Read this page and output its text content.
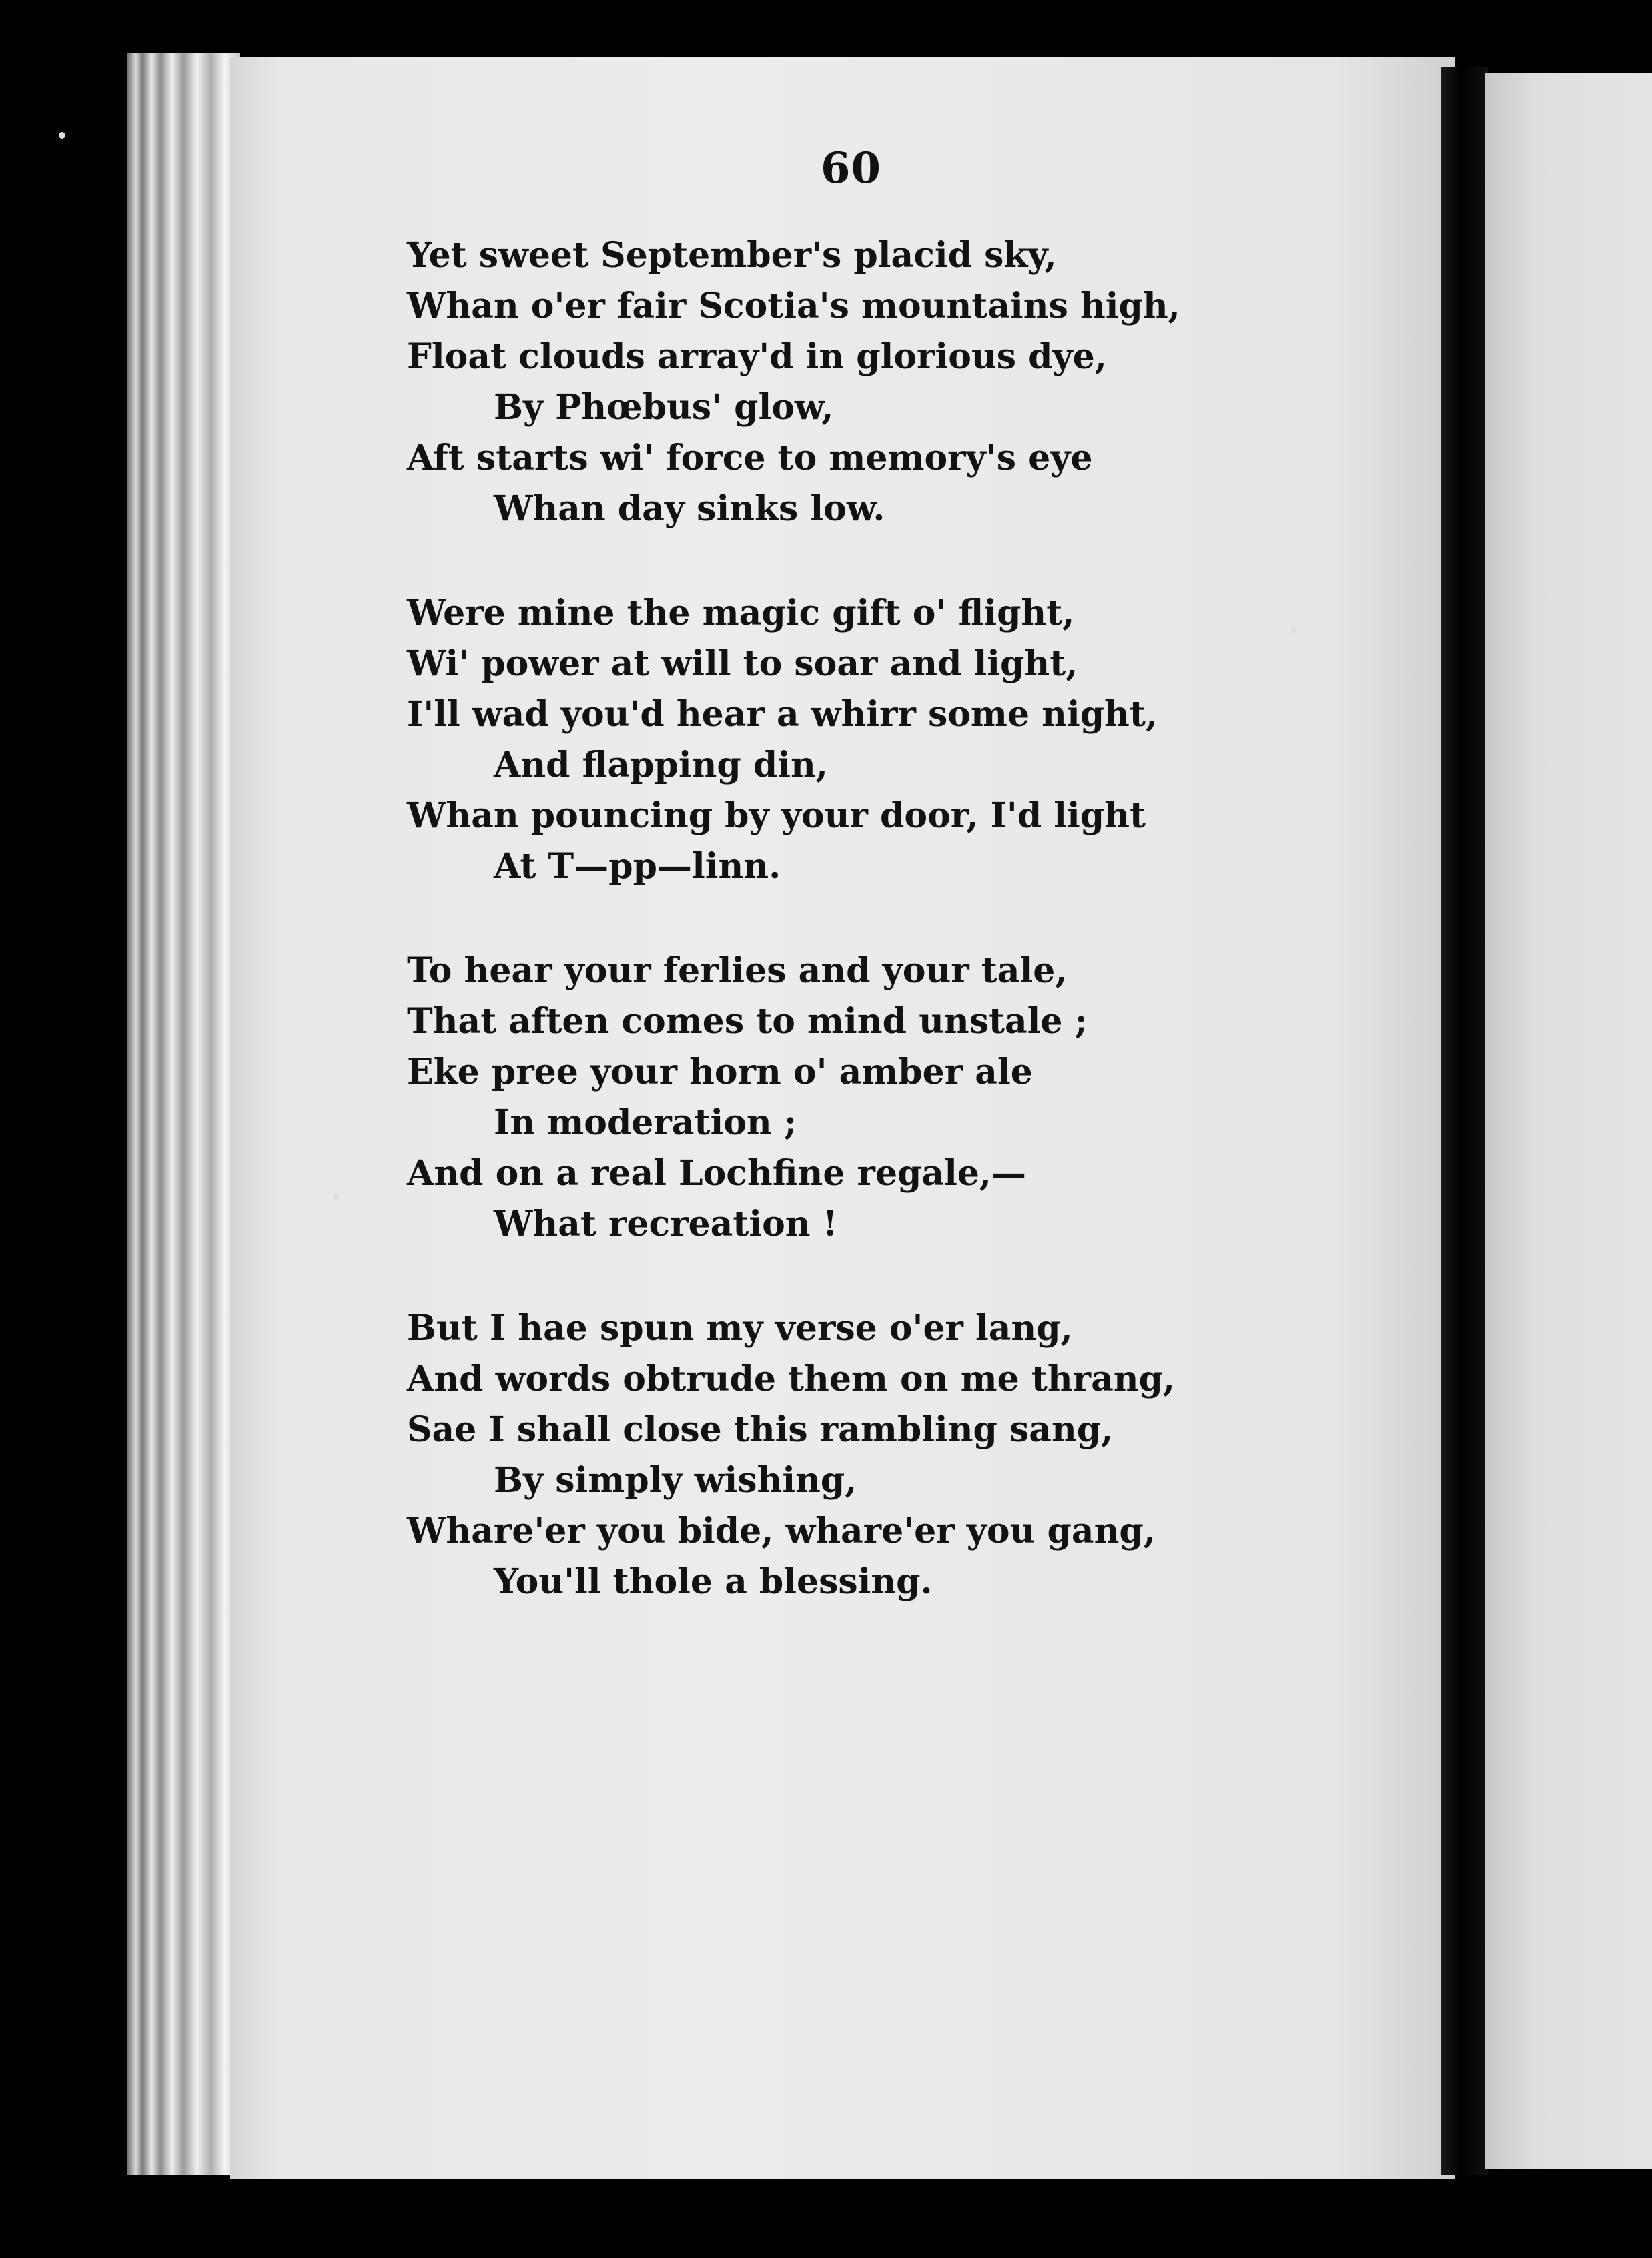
60
Yet sweet September's placid sky,
Whan o'er fair Scotia's mountains high,
Float clouds array'd in glorious dye,
By Phœbus' glow,
Aft starts wi' force to memory's eye
Whan day sinks low.
Were mine the magic gift o' flight,
Wi' power at will to soar and light,
I'll wad you'd hear a whirr some night,
And flapping din,
Whan pouncing by your door, I'd light
At T—pp—linn.
To hear your ferlies and your tale,
That aften comes to mind unstale ;
Eke pree your horn o' amber ale
In moderation ;
And on a real Lochfine regale,—
What recreation !
But I hae spun my verse o'er lang,
And words obtrude them on me thrang,
Sae I shall close this rambling sang,
By simply wishing,
Whare'er you bide, whare'er you gang,
You'll thole a blessing.
